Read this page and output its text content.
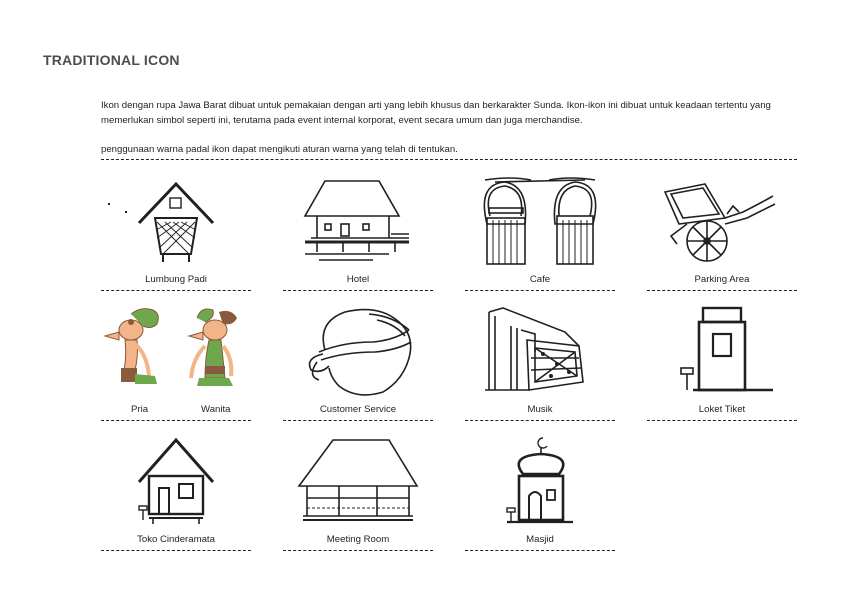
TRADITIONAL ICON
Ikon dengan rupa Jawa Barat dibuat untuk pemakaian dengan arti yang lebih khusus dan berkarakter Sunda. Ikon-ikon ini dibuat untuk keadaan tertentu yang memerlukan simbol seperti ini, terutama pada event internal korporat, event secara umum dan juga merchandise.
penggunaan warna padal ikon dapat mengikuti aturan warna yang telah di tentukan.
Lumbung Padi	Hotel	Cafe	Parking Area
Pria	Wanita	Customer Service	Musik	Loket Tiket
Toko Cinderamata	Meeting Room	Masjid
